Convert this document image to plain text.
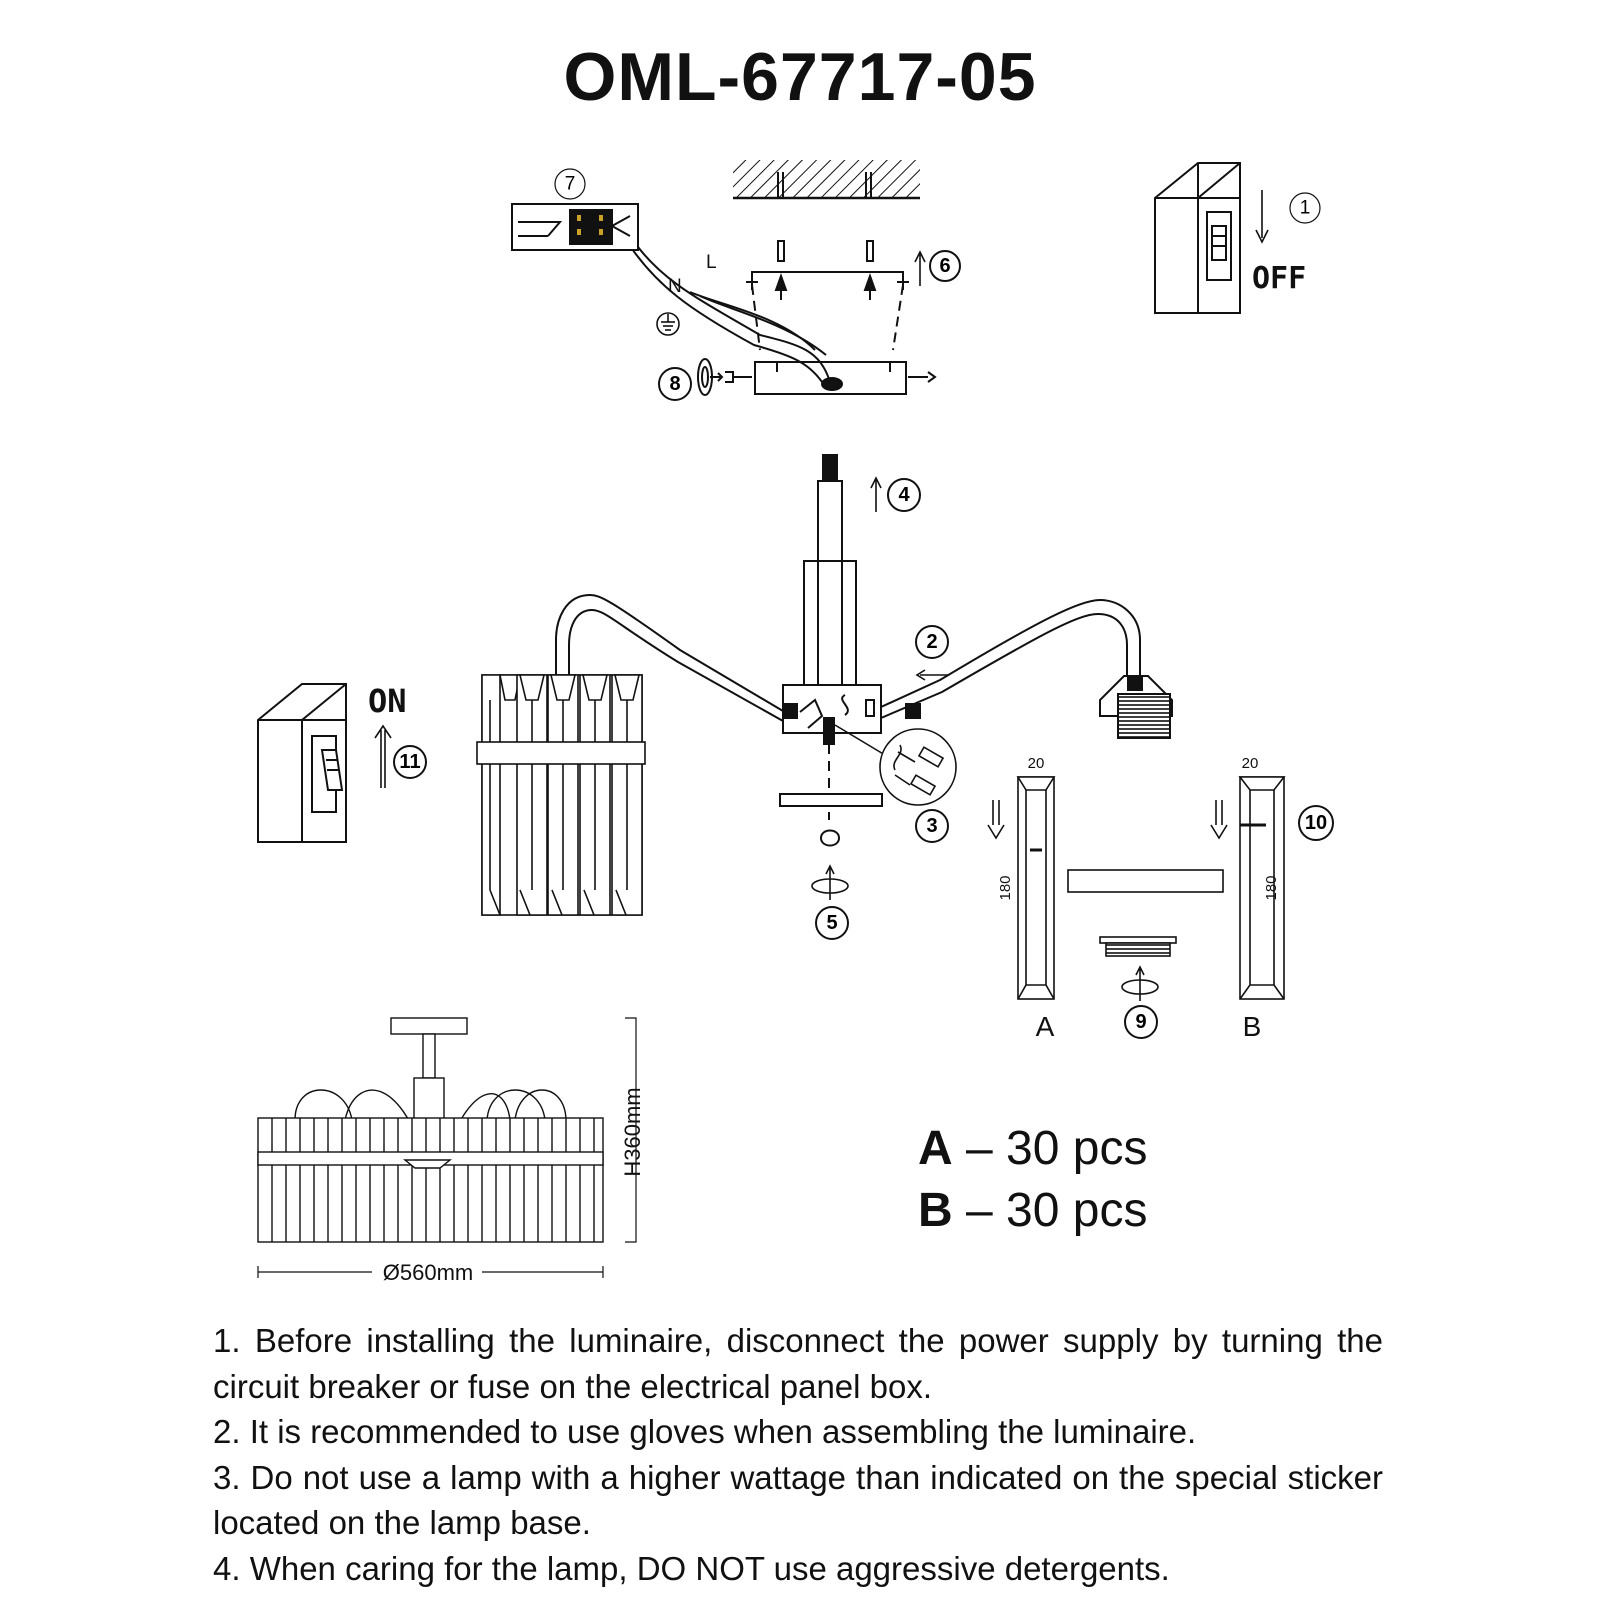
OML-67717-05
6
8
L
N
7
1
OFF
4
2
3
5
ON
11	20
180
A
20
180
B
10
9
H360mm
Ø560mm
A – 30 pcs
B – 30 pcs

1. Before installing the luminaire, disconnect the power supply by turning the circuit breaker or fuse on the electrical panel box.

2. It is recommended to use gloves when assembling the luminaire.

3. Do not use a lamp with a higher wattage than indicated on the special sticker located on the lamp base.

4. When caring for the lamp, DO NOT use aggressive detergents.
